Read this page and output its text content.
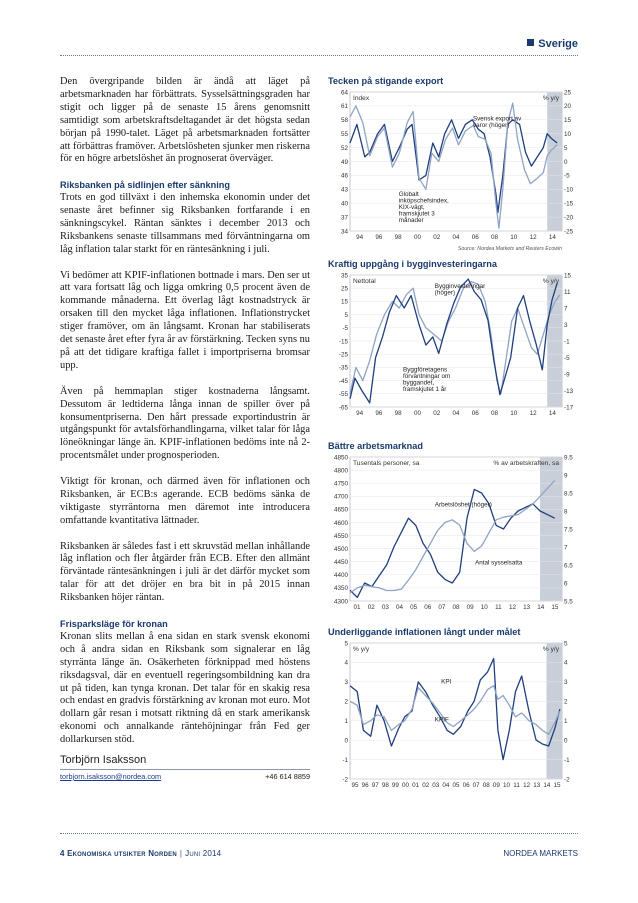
Sverige

Den övergripande bilden är ändå att läget på arbetsmarknaden har förbättrats. Sysselsättningsgraden har stigit och ligger på de senaste 15 årens genomsnitt samtidigt som arbetskraftsdeltagandet är det högsta sedan början på 1990-talet. Läget på arbetsmarknaden fortsätter att förbättras framöver. Arbetslösheten sjunker men riskerna för en högre arbetslöshet än prognoserat överväger.

Riksbanken på sidlinjen efter sänkning

Trots en god tillväxt i den inhemska ekonomin under det senaste året befinner sig Riksbanken fortfarande i en sänkningscykel. Räntan sänktes i december 2013 och Riksbankens senaste tillsammans med förväntningarna om låg inflation talar starkt för en räntesänkning i juli.

Vi bedömer att KPIF-inflationen bottnade i mars. Den ser ut att vara fortsatt låg och ligga omkring 0,5 procent även de kommande månaderna. Ett överlag lågt kostnadstryck är orsaken till den mycket låga inflationen. Inflationstrycket stiger framöver, om än långsamt. Kronan har stabiliserats det senaste året efter fyra år av förstärkning. Tecken syns nu på att det tidigare kraftiga fallet i importpriserna bromsar upp.

Även på hemmaplan stiger kostnaderna långsamt. Dessutom är ledtiderna långa innan de spiller över på konsumentpriserna. Den hårt pressade exportindustrin är utgångspunkt för avtalsförhandlingarna, vilket talar för låga löneökningar länge än. KPIF-inflationen bedöms inte nå 2-procentsmålet under prognosperioden.

Viktigt för kronan, och därmed även för inflationen och Riksbanken, är ECB:s agerande. ECB bedöms sänka de viktigaste styrräntorna men däremot inte introducera omfattande kvantitativa lättnader.

Riksbanken är således fast i ett skruvstäd mellan inhållande låg inflation och fler åtgärder från ECB. Efter den allmänt förväntade räntesänkningen i juli är det därför mycket som talar för att det dröjer en bra bit in på 2015 innan Riksbanken höjer räntan.

Frisparksläge för kronan

Kronan slits mellan å ena sidan en stark svensk ekonomi och å andra sidan en Riksbank som signalerar en låg styrränta länge än. Osäkerheten förknippad med höstens riksdagsval, där en eventuell regeringsombildning kan dra ut på tiden, kan tynga kronan. Det talar för en skakig resa och endast en gradvis förstärkning av kronan mot euro. Mot dollarn går resan i motsatt riktning då en stark amerikansk ekonomi och annalkande räntehöjningar från Fed ger dollarkursen stöd.

Torbjörn Isaksson
torbjorn.isaksson@nordea.com	+46 614 8859
Tecken på stigande export
64
61
58
55
52
49
46
43
40
37
34
25
20
15
10
5
0
-5
-10
-15
-20
-25
94 96 98 00 02 04 06 08 10 12 14
Index	% y/y
Svensk export av
varor (höger)
Globalt
inköpschefsindex,
KIX-vägt,
framskjutet 3
månader
Source: Nordea Markets and Reuters Ecowin
Kraftig uppgång i bygginvesteringarna
35
25
15
5
-5
-15
-25
-35
-45
-55
-65
15
11
7
3
-1
-5
-9
-13
-17
94 96 98 00 02 04 06 08 10 12 14
Nettotal	% y/y
Bygginvesteringar
(höger)
Byggföretagens
förväntningar om
byggandet,
framskjutet 1 år
Bättre arbetsmarknad
4850
4800
4750
4700
4650
4600
4550
4500
4450
4400
4350
4300
9.5
9
8.5
8
7.5
7
6.5
6
5.5
01 02 03 04 05 06 07 08 09 10 11 12 13 14 15
Tusentals personer, sa	% av arbetskraften, sa
Arbetslöshet (höger)
Antal sysselsatta
Underliggande inflationen långt under målet
5
4
3
2
1
0
-1
-2
5
4
3
2
1
0
-1
-2
95 96 97 98 99 00 01 02 03 04 05 06 07 08 09 10 11 12 13 14 15
% y/y	% y/y
KPI
KPIF
4 Ekonomiska utsikter Norden | Juni 2014	NORDEA MARKETS
